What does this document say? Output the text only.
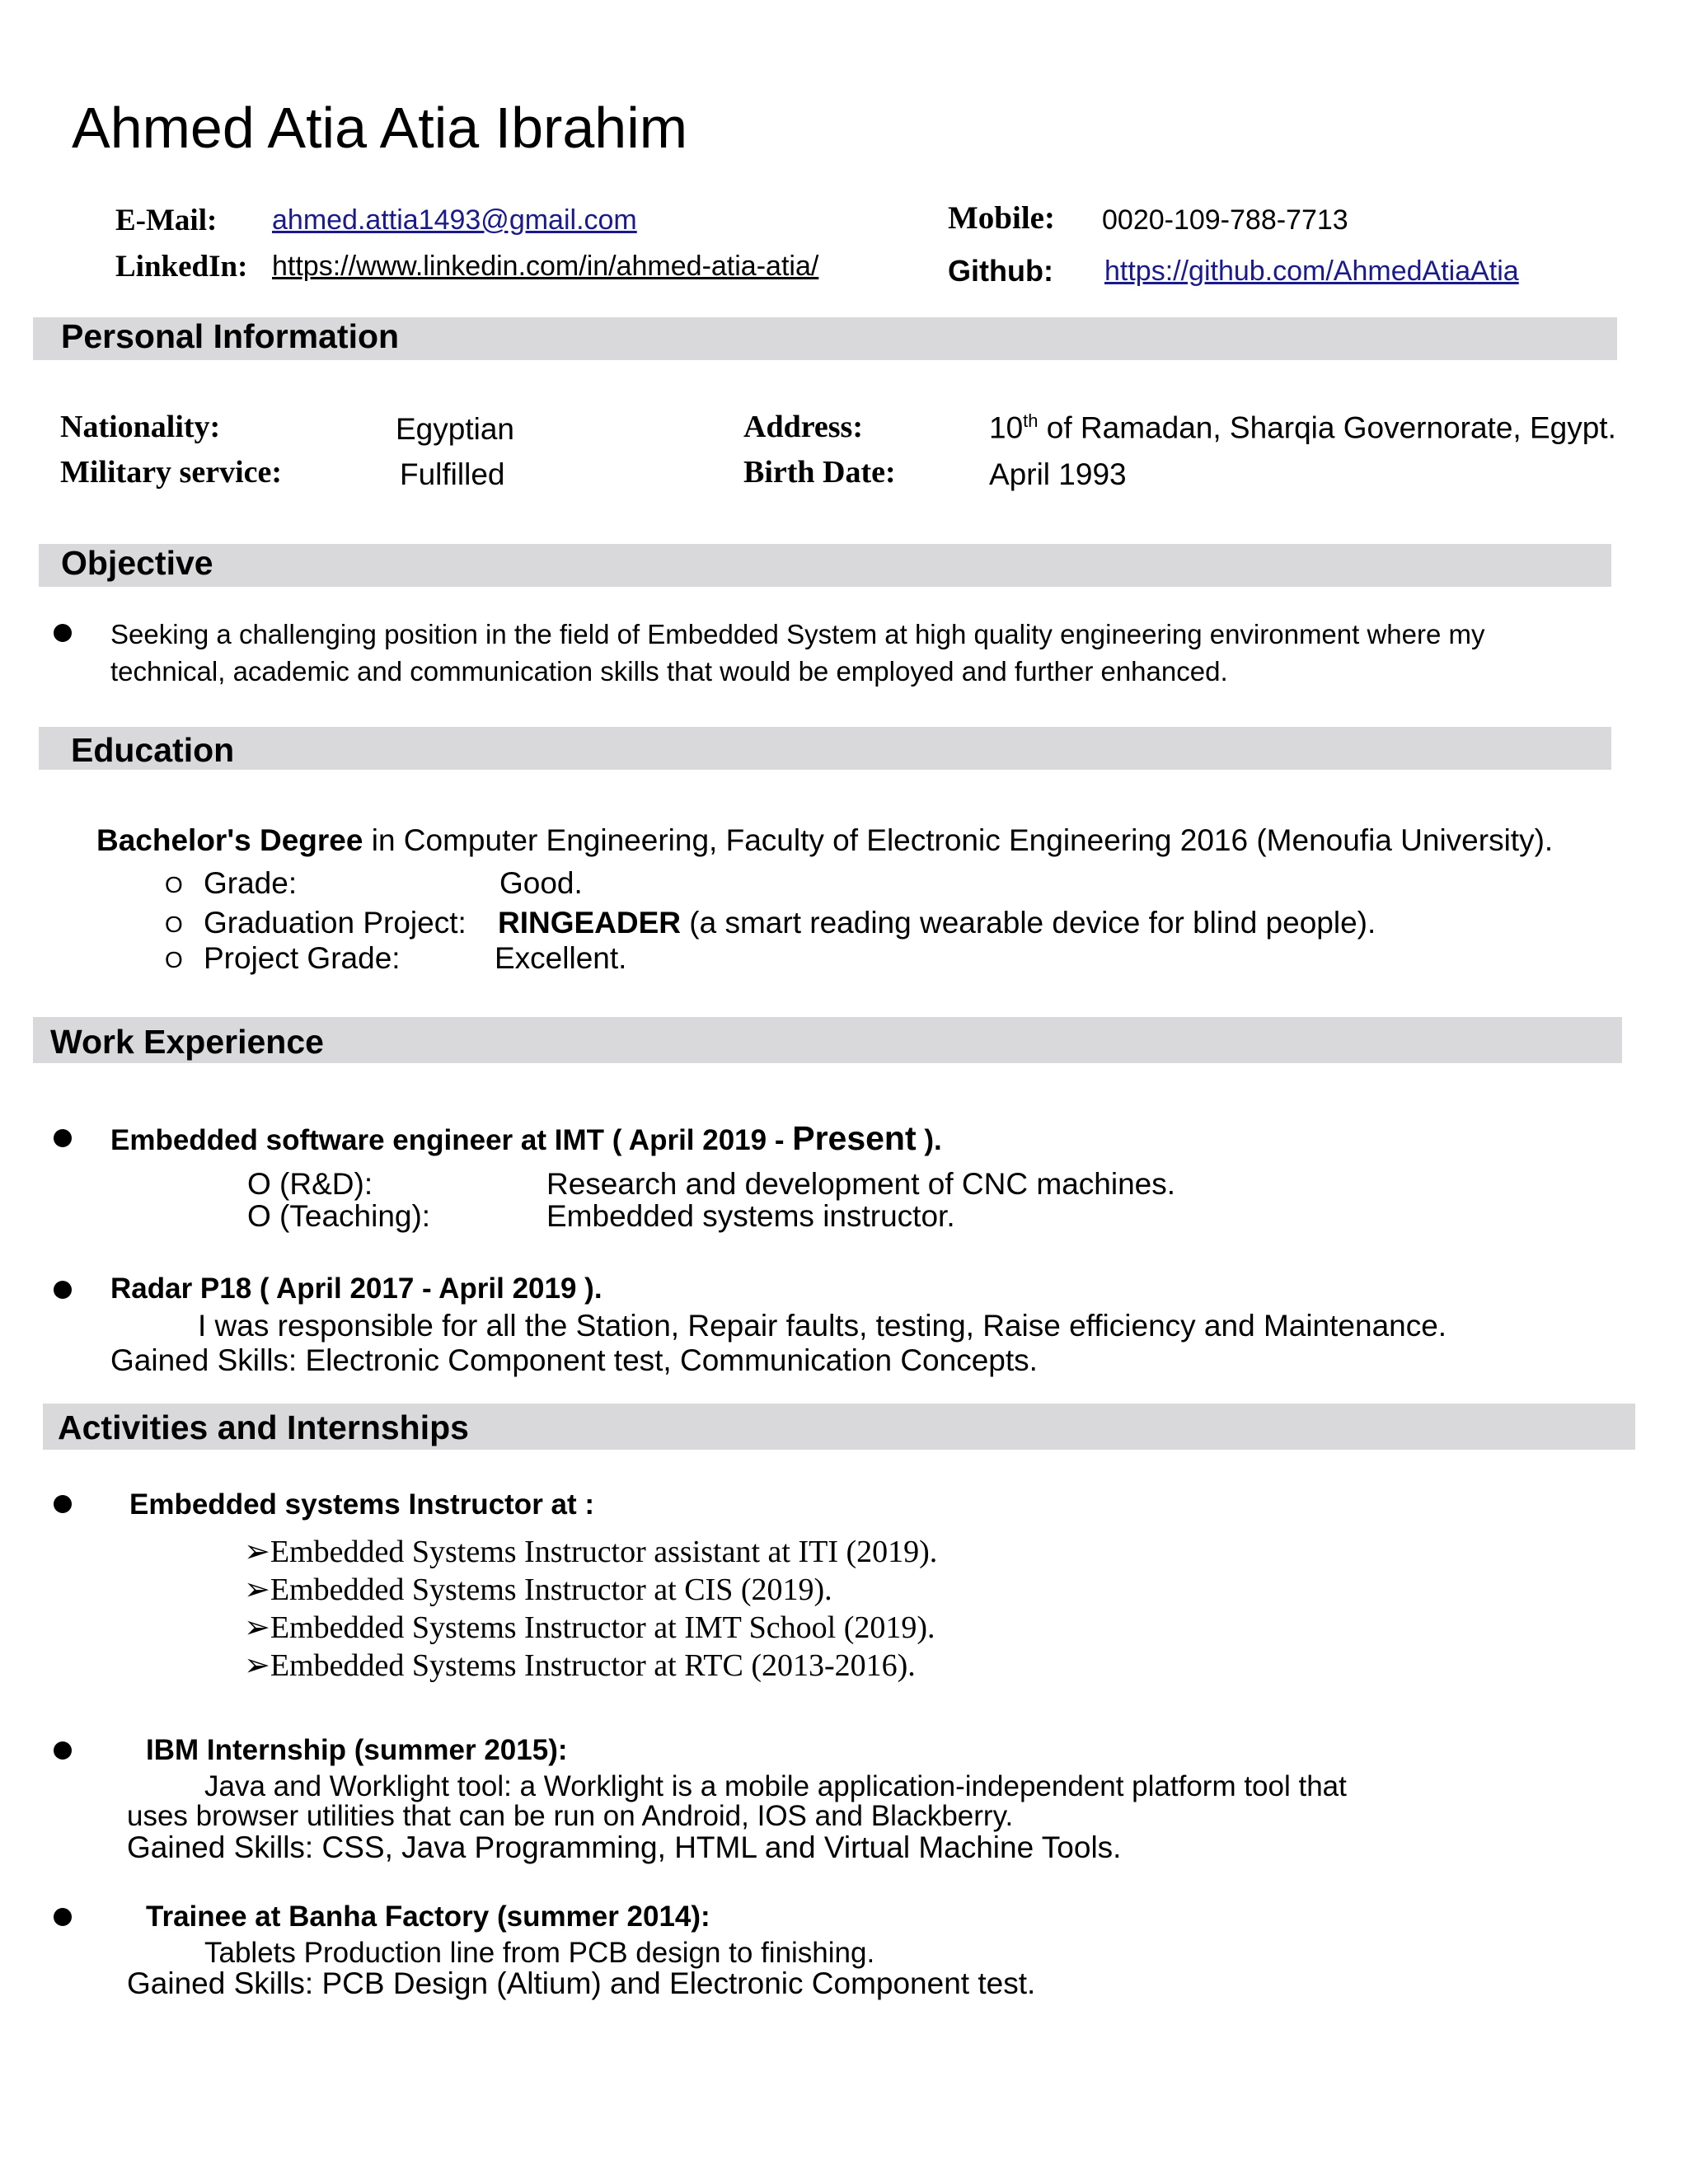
Ahmed Atia Atia Ibrahim
E-Mail: ahmed.attia1493@gmail.com
LinkedIn: https://www.linkedin.com/in/ahmed-atia-atia/
Mobile: 0020-109-788-7713
Github: https://github.com/AhmedAtiaAtia
Personal Information
Nationality:	Egyptian
Military service:	Fulfilled
Address:	10th of Ramadan, Sharqia Governorate, Egypt.
Birth Date:	April 1993
Objective
Seeking a challenging position in the field of Embedded System at high quality engineering environment where my
technical, academic and communication skills that would be employed and further enhanced.
Education
Bachelor's Degree in Computer Engineering, Faculty of Electronic Engineering 2016 (Menoufia University).
O Grade:	Good.
O Graduation Project: RINGEADER (a smart reading wearable device for blind people).
O Project Grade:	Excellent.
Work Experience
Embedded software engineer at IMT ( April 2019 - Present ).
O (R&D):	Research and development of CNC machines.
O (Teaching):	Embedded systems instructor.
Radar P18 ( April 2017 - April 2019 ).
I was responsible for all the Station, Repair faults, testing, Raise efficiency and Maintenance.
Gained Skills: Electronic Component test, Communication Concepts.
Activities and Internships
Embedded systems Instructor at :
➢Embedded Systems Instructor assistant at ITI (2019).
➢Embedded Systems Instructor at CIS (2019).
➢Embedded Systems Instructor at IMT School (2019).
➢Embedded Systems Instructor at RTC (2013-2016).
IBM Internship (summer 2015):
Java and Worklight tool: a Worklight is a mobile application-independent platform tool that
uses browser utilities that can be run on Android, IOS and Blackberry.
Gained Skills: CSS, Java Programming, HTML and Virtual Machine Tools.
Trainee at Banha Factory (summer 2014):
Tablets Production line from PCB design to finishing.
Gained Skills: PCB Design (Altium) and Electronic Component test.
